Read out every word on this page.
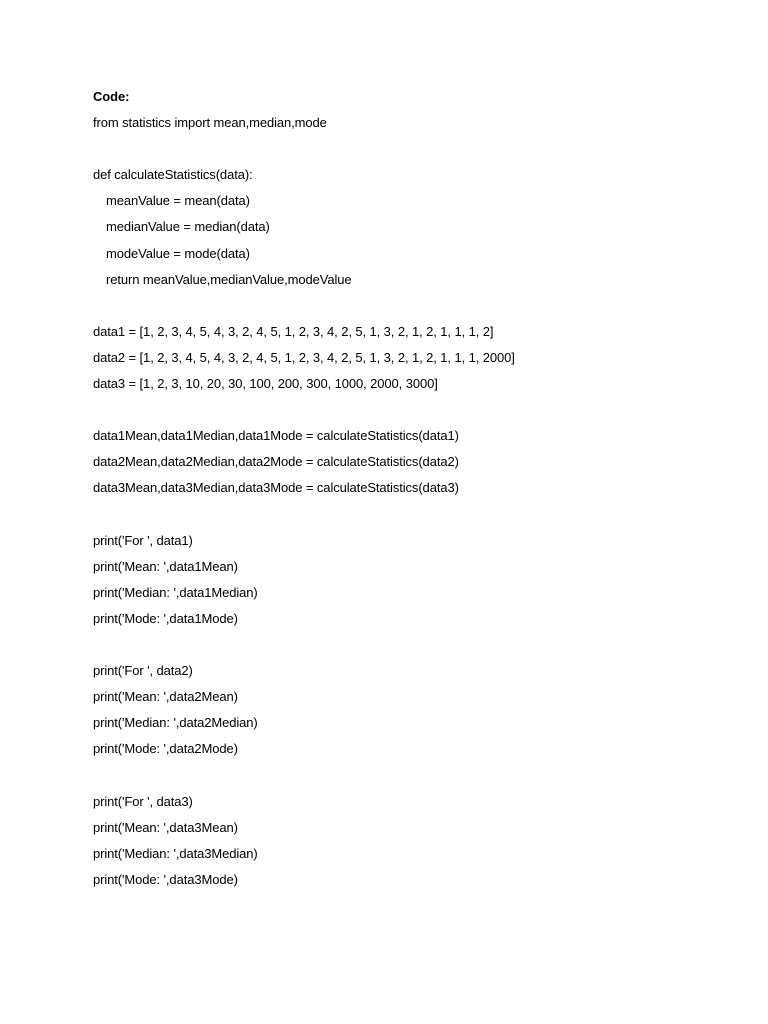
Code:
from statistics import mean,median,mode
def calculateStatistics(data):
meanValue = mean(data)
medianValue = median(data)
modeValue = mode(data)
return meanValue,medianValue,modeValue
data1 = [1, 2, 3, 4, 5, 4, 3, 2, 4, 5, 1, 2, 3, 4, 2, 5, 1, 3, 2, 1, 2, 1, 1, 1, 2]
data2 = [1, 2, 3, 4, 5, 4, 3, 2, 4, 5, 1, 2, 3, 4, 2, 5, 1, 3, 2, 1, 2, 1, 1, 1, 2000]
data3 = [1, 2, 3, 10, 20, 30, 100, 200, 300, 1000, 2000, 3000]
data1Mean,data1Median,data1Mode = calculateStatistics(data1)
data2Mean,data2Median,data2Mode = calculateStatistics(data2)
data3Mean,data3Median,data3Mode = calculateStatistics(data3)
print('For ', data1)
print('Mean: ',data1Mean)
print('Median: ',data1Median)
print('Mode: ',data1Mode)
print('For ', data2)
print('Mean: ',data2Mean)
print('Median: ',data2Median)
print('Mode: ',data2Mode)
print('For ', data3)
print('Mean: ',data3Mean)
print('Median: ',data3Median)
print('Mode: ',data3Mode)
